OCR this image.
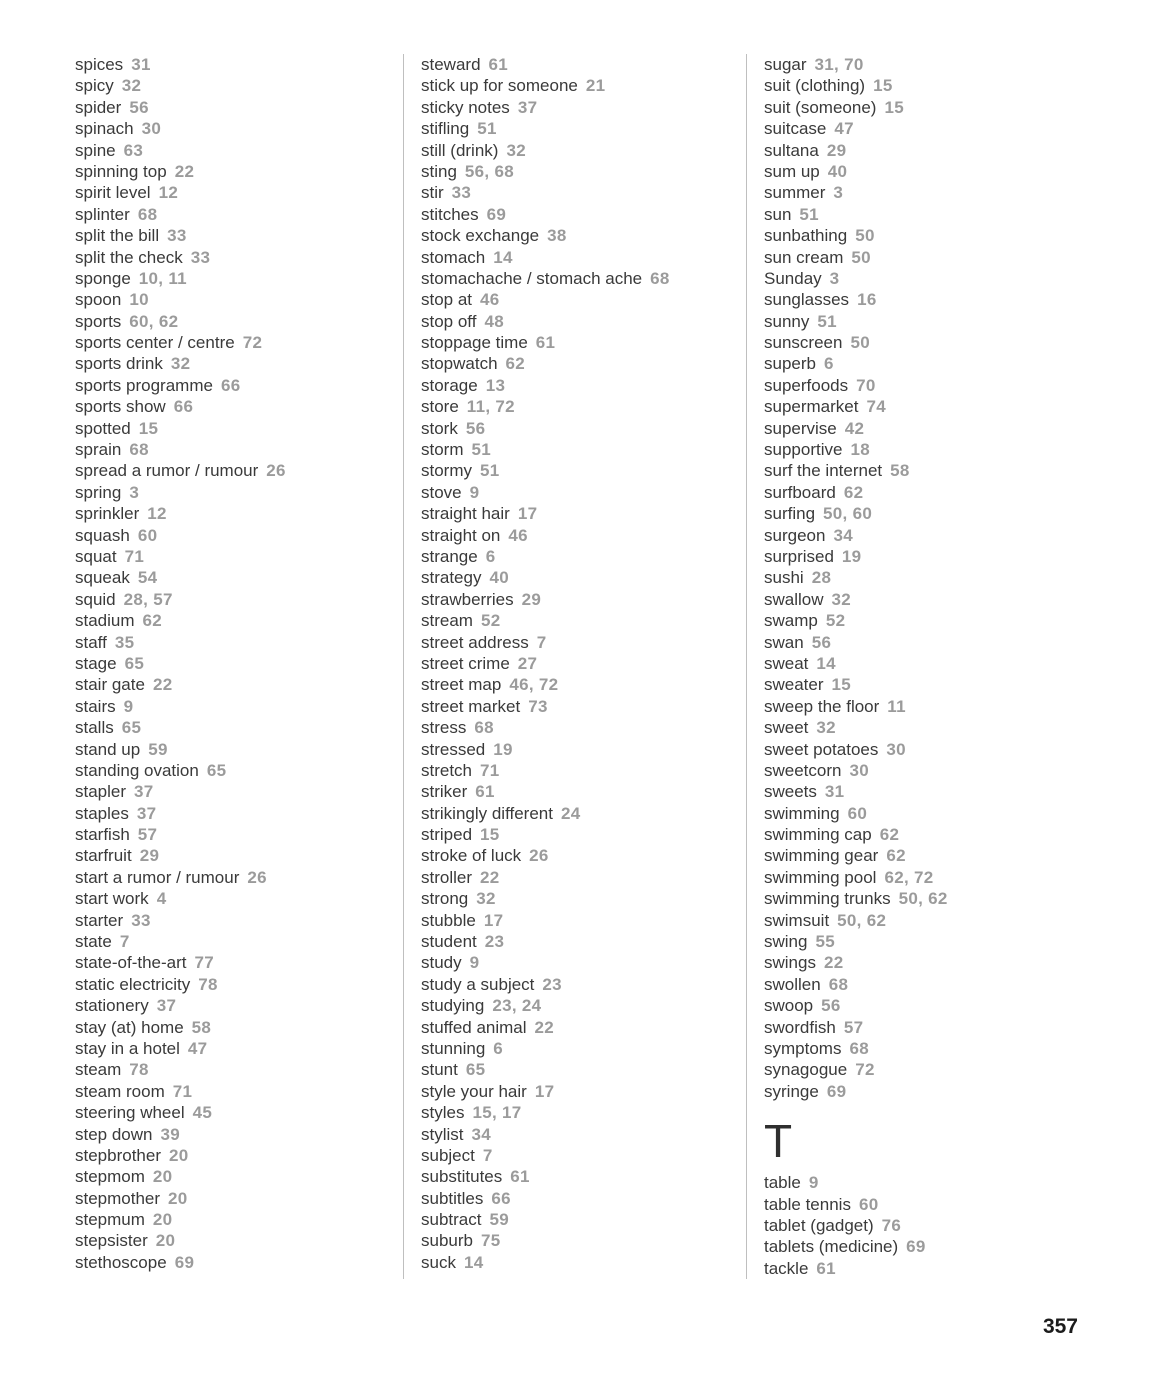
spices 31
spicy 32
spider 56
spinach 30
spine 63
spinning top 22
spirit level 12
splinter 68
split the bill 33
split the check 33
sponge 10, 11
spoon 10
sports 60, 62
sports center / centre 72
sports drink 32
sports programme 66
sports show 66
spotted 15
sprain 68
spread a rumor / rumour 26
spring 3
sprinkler 12
squash 60
squat 71
squeak 54
squid 28, 57
stadium 62
staff 35
stage 65
stair gate 22
stairs 9
stalls 65
stand up 59
standing ovation 65
stapler 37
staples 37
starfish 57
starfruit 29
start a rumor / rumour 26
start work 4
starter 33
state 7
state-of-the-art 77
static electricity 78
stationery 37
stay (at) home 58
stay in a hotel 47
steam 78
steam room 71
steering wheel 45
step down 39
stepbrother 20
stepmom 20
stepmother 20
stepmum 20
stepsister 20
stethoscope 69
steward 61
stick up for someone 21
sticky notes 37
stifling 51
still (drink) 32
sting 56, 68
stir 33
stitches 69
stock exchange 38
stomach 14
stomachache / stomach ache 68
stop at 46
stop off 48
stoppage time 61
stopwatch 62
storage 13
store 11, 72
stork 56
storm 51
stormy 51
stove 9
straight hair 17
straight on 46
strange 6
strategy 40
strawberries 29
stream 52
street address 7
street crime 27
street map 46, 72
street market 73
stress 68
stressed 19
stretch 71
striker 61
strikingly different 24
striped 15
stroke of luck 26
stroller 22
strong 32
stubble 17
student 23
study 9
study a subject 23
studying 23, 24
stuffed animal 22
stunning 6
stunt 65
style your hair 17
styles 15, 17
stylist 34
subject 7
substitutes 61
subtitles 66
subtract 59
suburb 75
suck 14
sugar 31, 70
suit (clothing) 15
suit (someone) 15
suitcase 47
sultana 29
sum up 40
summer 3
sun 51
sunbathing 50
sun cream 50
Sunday 3
sunglasses 16
sunny 51
sunscreen 50
superb 6
superfoods 70
supermarket 74
supervise 42
supportive 18
surf the internet 58
surfboard 62
surfing 50, 60
surgeon 34
surprised 19
sushi 28
swallow 32
swamp 52
swan 56
sweat 14
sweater 15
sweep the floor 11
sweet 32
sweet potatoes 30
sweetcorn 30
sweets 31
swimming 60
swimming cap 62
swimming gear 62
swimming pool 62, 72
swimming trunks 50, 62
swimsuit 50, 62
swing 55
swings 22
swollen 68
swoop 56
swordfish 57
symptoms 68
synagogue 72
syringe 69
T
table 9
table tennis 60
tablet (gadget) 76
tablets (medicine) 69
tackle 61
357
